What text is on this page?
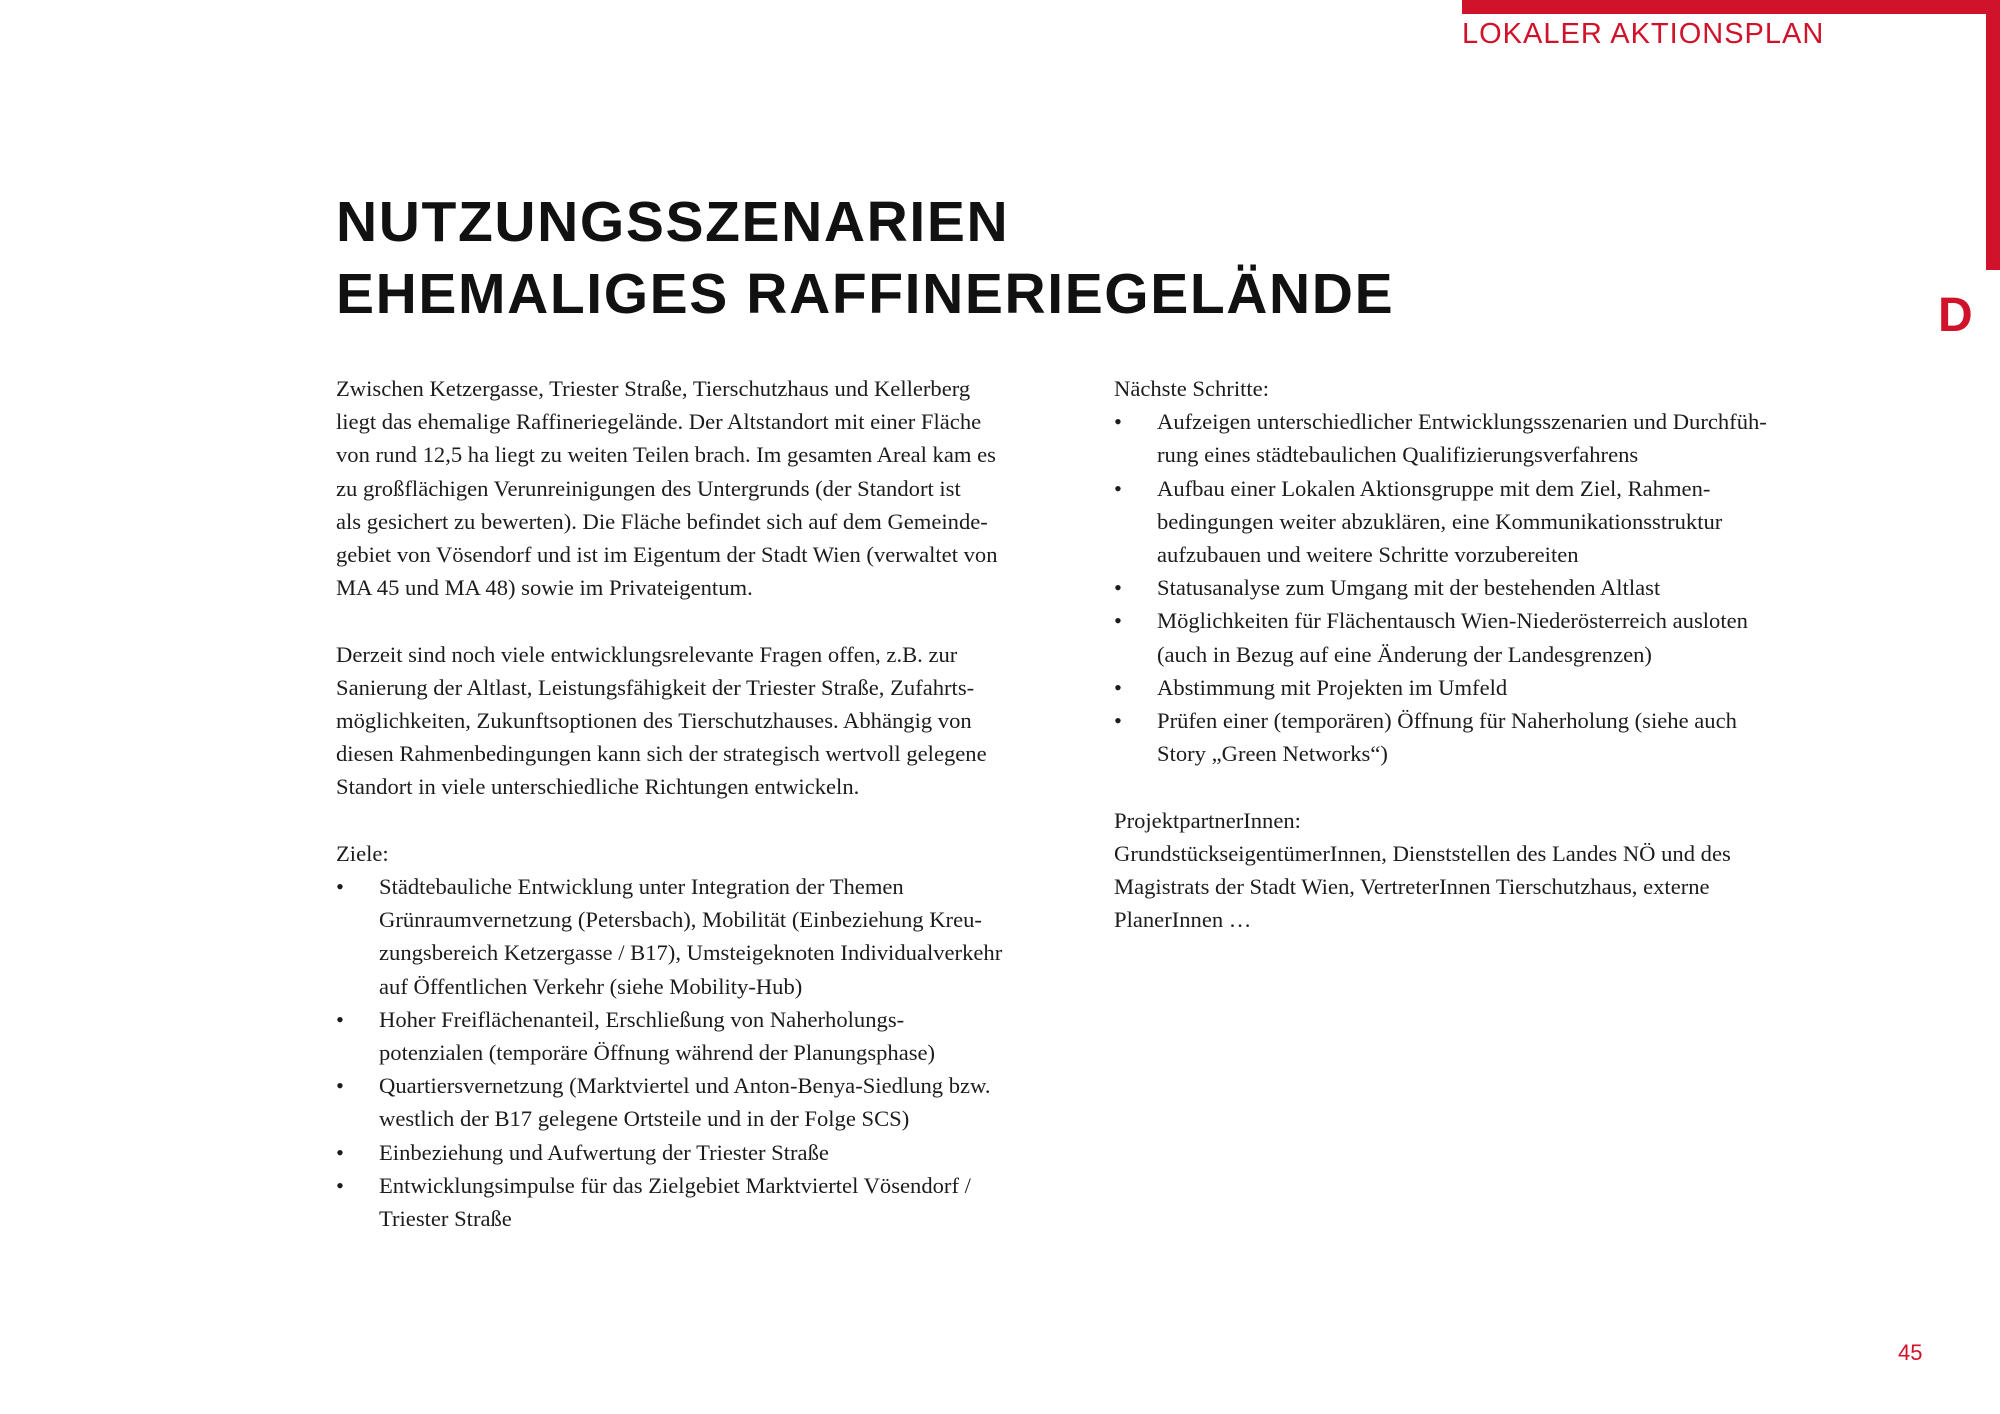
LOKALER AKTIONSPLAN
D
NUTZUNGSSZENARIEN
EHEMALIGES RAFFINERIEGELÄNDE

Zwischen Ketzergasse, Triester Straße, Tierschutzhaus und Kellerberg
liegt das ehemalige Raffineriegelände. Der Altstandort mit einer Fläche
von rund 12,5 ha liegt zu weiten Teilen brach. Im gesamten Areal kam es
zu großflächigen Verunreinigungen des Untergrunds (der Standort ist
als gesichert zu bewerten). Die Fläche befindet sich auf dem Gemeinde-
gebiet von Vösendorf und ist im Eigentum der Stadt Wien (verwaltet von
MA 45 und MA 48) sowie im Privateigentum.

Derzeit sind noch viele entwicklungsrelevante Fragen offen, z.B. zur
Sanierung der Altlast, Leistungsfähigkeit der Triester Straße, Zufahrts-
möglichkeiten, Zukunftsoptionen des Tierschutzhauses. Abhängig von
diesen Rahmenbedingungen kann sich der strategisch wertvoll gelegene
Standort in viele unterschiedliche Richtungen entwickeln.

Ziele:

• Städtebauliche Entwicklung unter Integration der Themen
Grünraumvernetzung (Petersbach), Mobilität (Einbeziehung Kreu-
zungsbereich Ketzergasse / B17), Umsteigeknoten Individualverkehr
auf Öffentlichen Verkehr (siehe Mobility-Hub)
• Hoher Freiflächenanteil, Erschließung von Naherholungs-
potenzialen (temporäre Öffnung während der Planungsphase)
• Quartiersvernetzung (Marktviertel und Anton-Benya-Siedlung bzw.
westlich der B17 gelegene Ortsteile und in der Folge SCS)
• Einbeziehung und Aufwertung der Triester Straße
• Entwicklungsimpulse für das Zielgebiet Marktviertel Vösendorf /
Triester Straße

Nächste Schritte:

• Aufzeigen unterschiedlicher Entwicklungsszenarien und Durchfüh-
rung eines städtebaulichen Qualifizierungsverfahrens
• Aufbau einer Lokalen Aktionsgruppe mit dem Ziel, Rahmen-
bedingungen weiter abzuklären, eine Kommunikationsstruktur
aufzubauen und weitere Schritte vorzubereiten
• Statusanalyse zum Umgang mit der bestehenden Altlast
• Möglichkeiten für Flächentausch Wien-Niederösterreich ausloten
(auch in Bezug auf eine Änderung der Landesgrenzen)
• Abstimmung mit Projekten im Umfeld
• Prüfen einer (temporären) Öffnung für Naherholung (siehe auch
Story „Green Networks“)

ProjektpartnerInnen:

GrundstückseigentümerInnen, Dienststellen des Landes NÖ und des
Magistrats der Stadt Wien, VertreterInnen Tierschutzhaus, externe
PlanerInnen …

45
